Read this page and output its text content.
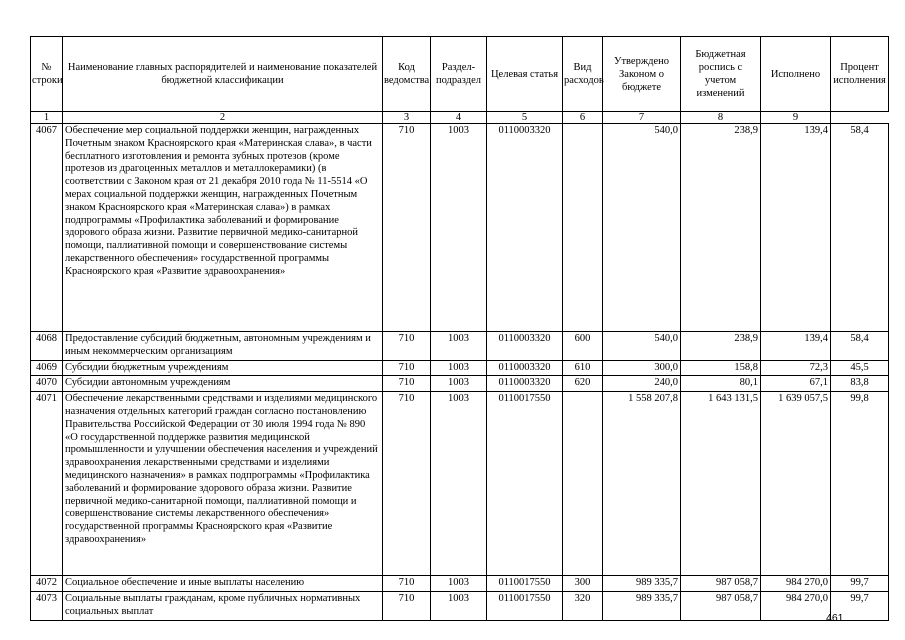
№ строки	Наименование главных распорядителей и наименование показателей бюджетной классификации	Код ведомства	Раздел-подраздел	Целевая статья	Вид расходов	Утверждено Законом о бюджете	Бюджетная роспись с учетом изменений	Исполнено	Процент исполнения
1	2	3	4	5	6	7	8	9	
4067	Обеспечение мер социальной поддержки женщин, награжденных Почетным знаком Красноярского края «Материнская слава», в части бесплатного изготовления и ремонта зубных протезов (кроме протезов из драгоценных металлов и металлокерамики) (в соответствии с Законом края от 21 декабря 2010 года № 11-5514 «О мерах социальной поддержки женщин, награжденных Почетным знаком Красноярского края «Материнская слава») в рамках подпрограммы «Профилактика заболеваний и формирование здорового образа жизни. Развитие первичной медико-санитарной помощи, паллиативной помощи и совершенствование системы лекарственного обеспечения» государственной программы Красноярского края «Развитие здравоохранения»	710	1003	0110003320		540,0	238,9	139,4	58,4
4068	Предоставление субсидий бюджетным, автономным учреждениям и иным некоммерческим организациям	710	1003	0110003320	600	540,0	238,9	139,4	58,4
4069	Субсидии бюджетным учреждениям	710	1003	0110003320	610	300,0	158,8	72,3	45,5
4070	Субсидии автономным учреждениям	710	1003	0110003320	620	240,0	80,1	67,1	83,8
4071	Обеспечение лекарственными средствами и изделиями медицинского назначения отдельных категорий граждан согласно постановлению Правительства Российской Федерации от 30 июля 1994 года № 890 «О государственной поддержке развития медицинской промышленности и улучшении обеспечения населения и учреждений здравоохранения лекарственными средствами и изделиями медицинского назначения» в рамках подпрограммы «Профилактика заболеваний и формирование здорового образа жизни. Развитие первичной медико-санитарной помощи, паллиативной помощи и совершенствование системы лекарственного обеспечения» государственной программы Красноярского края «Развитие здравоохранения»	710	1003	0110017550		1 558 207,8	1 643 131,5	1 639 057,5	99,8
4072	Социальное обеспечение и иные выплаты населению	710	1003	0110017550	300	989 335,7	987 058,7	984 270,0	99,7
4073	Социальные выплаты гражданам, кроме публичных нормативных социальных выплат	710	1003	0110017550	320	989 335,7	987 058,7	984 270,0	99,7
461
